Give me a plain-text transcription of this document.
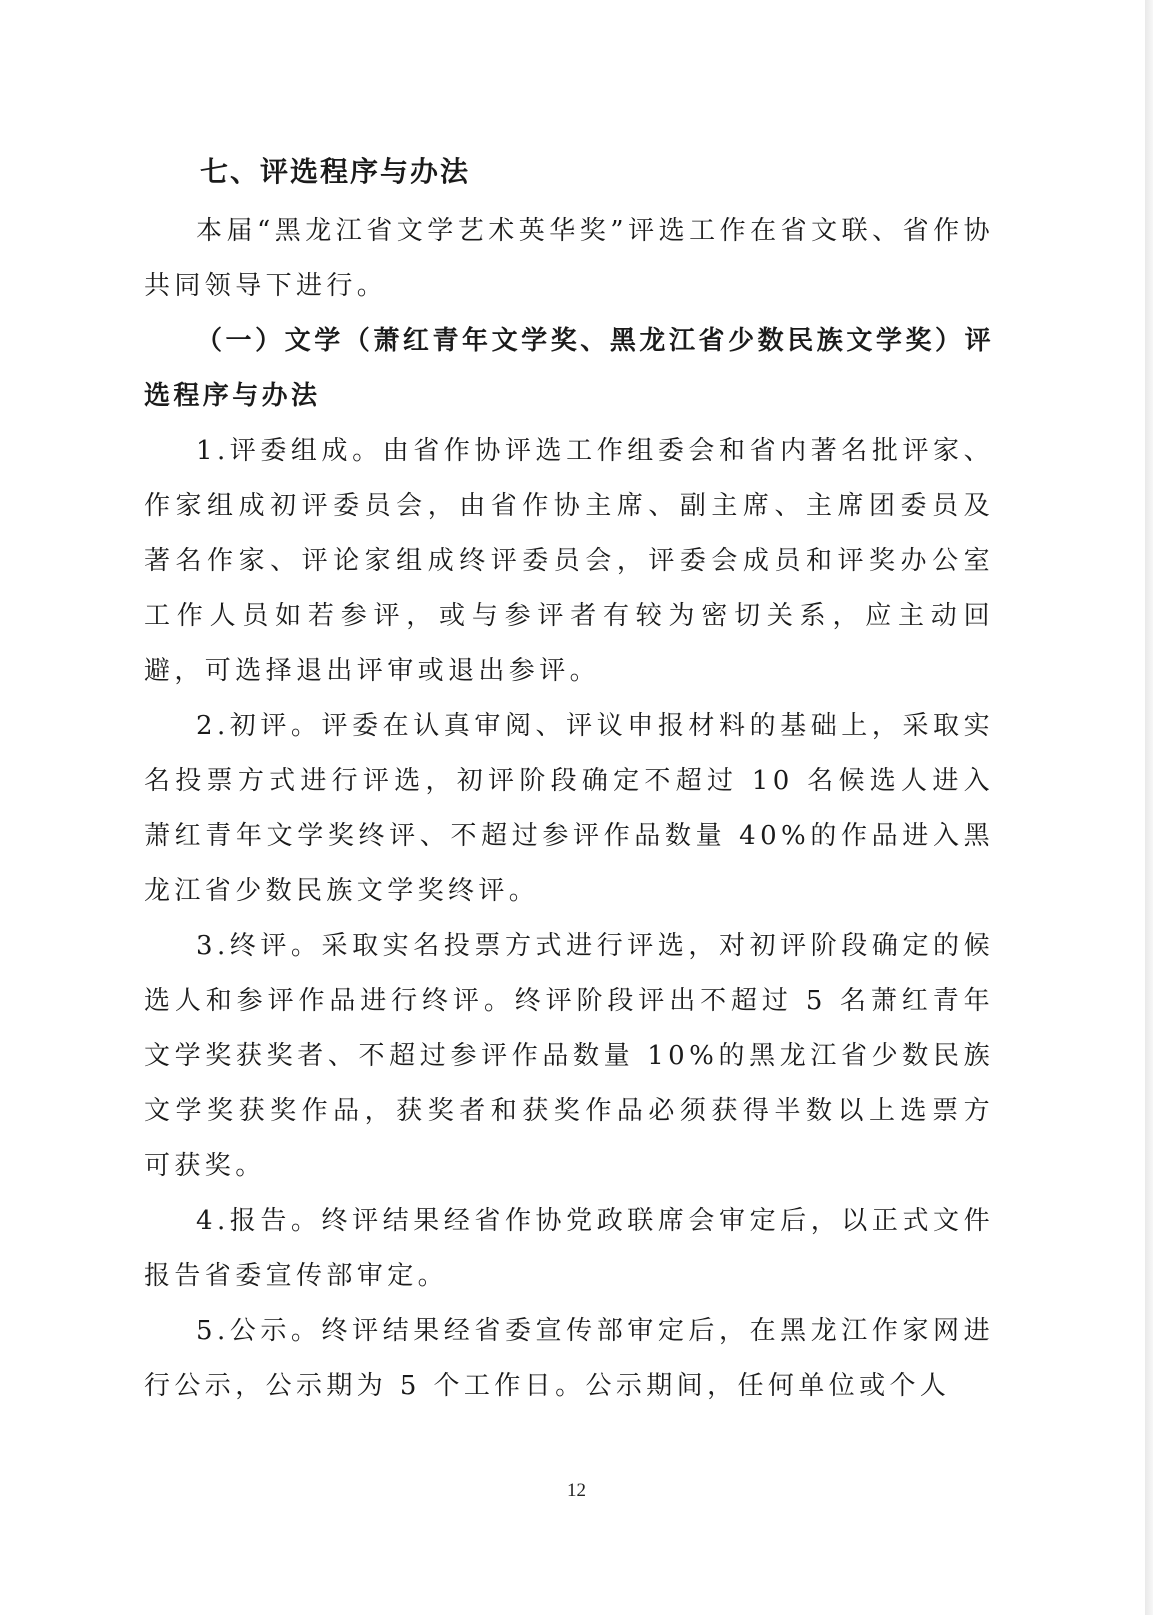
七、评选程序与办法

本届“黑龙江省文学艺术英华奖”评选工作在省文联、省作协共同领导下进行。

（一）文学（萧红青年文学奖、黑龙江省少数民族文学奖）评选程序与办法

1.评委组成。由省作协评选工作组委会和省内著名批评家、作家组成初评委员会，由省作协主席、副主席、主席团委员及著名作家、评论家组成终评委员会，评委会成员和评奖办公室工作人员如若参评，或与参评者有较为密切关系，应主动回避，可选择退出评审或退出参评。

2.初评。评委在认真审阅、评议申报材料的基础上，采取实名投票方式进行评选，初评阶段确定不超过 10 名候选人进入萧红青年文学奖终评、不超过参评作品数量 40%的作品进入黑龙江省少数民族文学奖终评。

3.终评。采取实名投票方式进行评选，对初评阶段确定的候选人和参评作品进行终评。终评阶段评出不超过 5 名萧红青年文学奖获奖者、不超过参评作品数量 10%的黑龙江省少数民族文学奖获奖作品，获奖者和获奖作品必须获得半数以上选票方可获奖。

4.报告。终评结果经省作协党政联席会审定后，以正式文件报告省委宣传部审定。

5.公示。终评结果经省委宣传部审定后，在黑龙江作家网进行公示，公示期为 5 个工作日。公示期间，任何单位或个人

12
